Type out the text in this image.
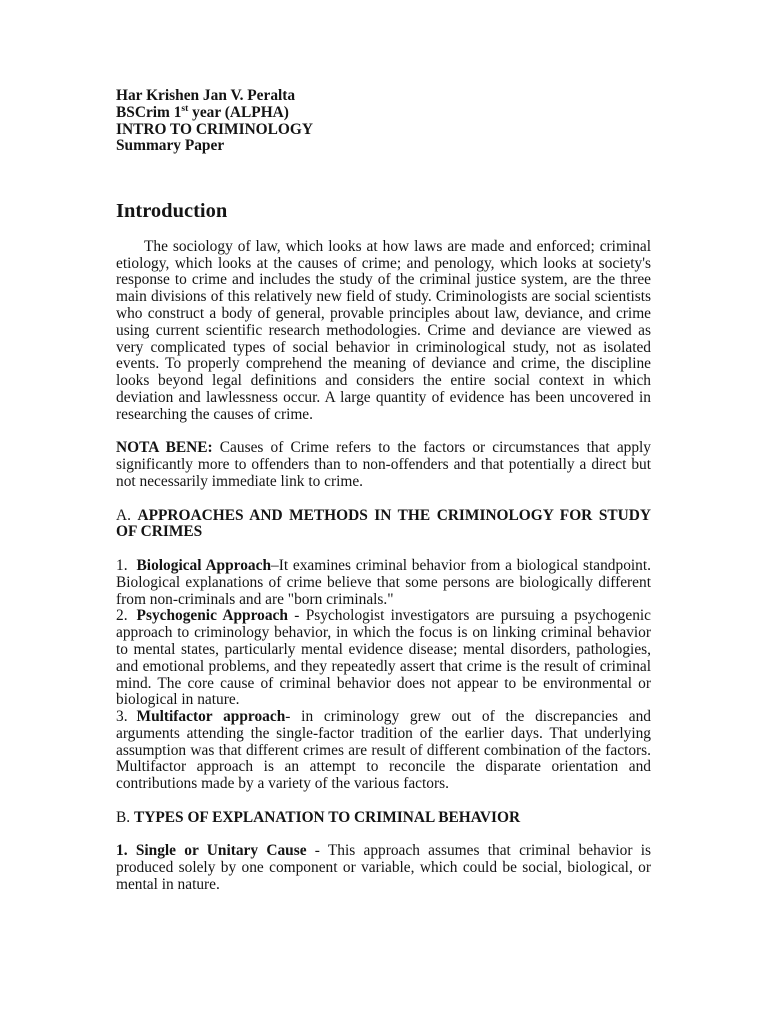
Har Krishen Jan V. Peralta
BSCrim 1st year (ALPHA)
INTRO TO CRIMINOLOGY
Summary Paper
Introduction

The sociology of law, which looks at how laws are made and enforced; criminal etiology, which looks at the causes of crime; and penology, which looks at society's response to crime and includes the study of the criminal justice system, are the three main divisions of this relatively new field of study. Criminologists are social scientists who construct a body of general, provable principles about law, deviance, and crime using current scientific research methodologies. Crime and deviance are viewed as very complicated types of social behavior in criminological study, not as isolated events. To properly comprehend the meaning of deviance and crime, the discipline looks beyond legal definitions and considers the entire social context in which deviation and lawlessness occur. A large quantity of evidence has been uncovered in researching the causes of crime.

NOTA BENE: Causes of Crime refers to the factors or circumstances that apply significantly more to offenders than to non-offenders and that potentially a direct but not necessarily immediate link to crime.

A. APPROACHES AND METHODS IN THE CRIMINOLOGY FOR STUDY OF CRIMES

1. Biological Approach–It examines criminal behavior from a biological standpoint. Biological explanations of crime believe that some persons are biologically different from non-criminals and are "born criminals."

2. Psychogenic Approach - Psychologist investigators are pursuing a psychogenic approach to criminology behavior, in which the focus is on linking criminal behavior to mental states, particularly mental evidence disease; mental disorders, pathologies, and emotional problems, and they repeatedly assert that crime is the result of criminal mind. The core cause of criminal behavior does not appear to be environmental or biological in nature.

3. Multifactor approach- in criminology grew out of the discrepancies and arguments attending the single-factor tradition of the earlier days. That underlying assumption was that different crimes are result of different combination of the factors. Multifactor approach is an attempt to reconcile the disparate orientation and contributions made by a variety of the various factors.

B. TYPES OF EXPLANATION TO CRIMINAL BEHAVIOR

1. Single or Unitary Cause - This approach assumes that criminal behavior is produced solely by one component or variable, which could be social, biological, or mental in nature.
